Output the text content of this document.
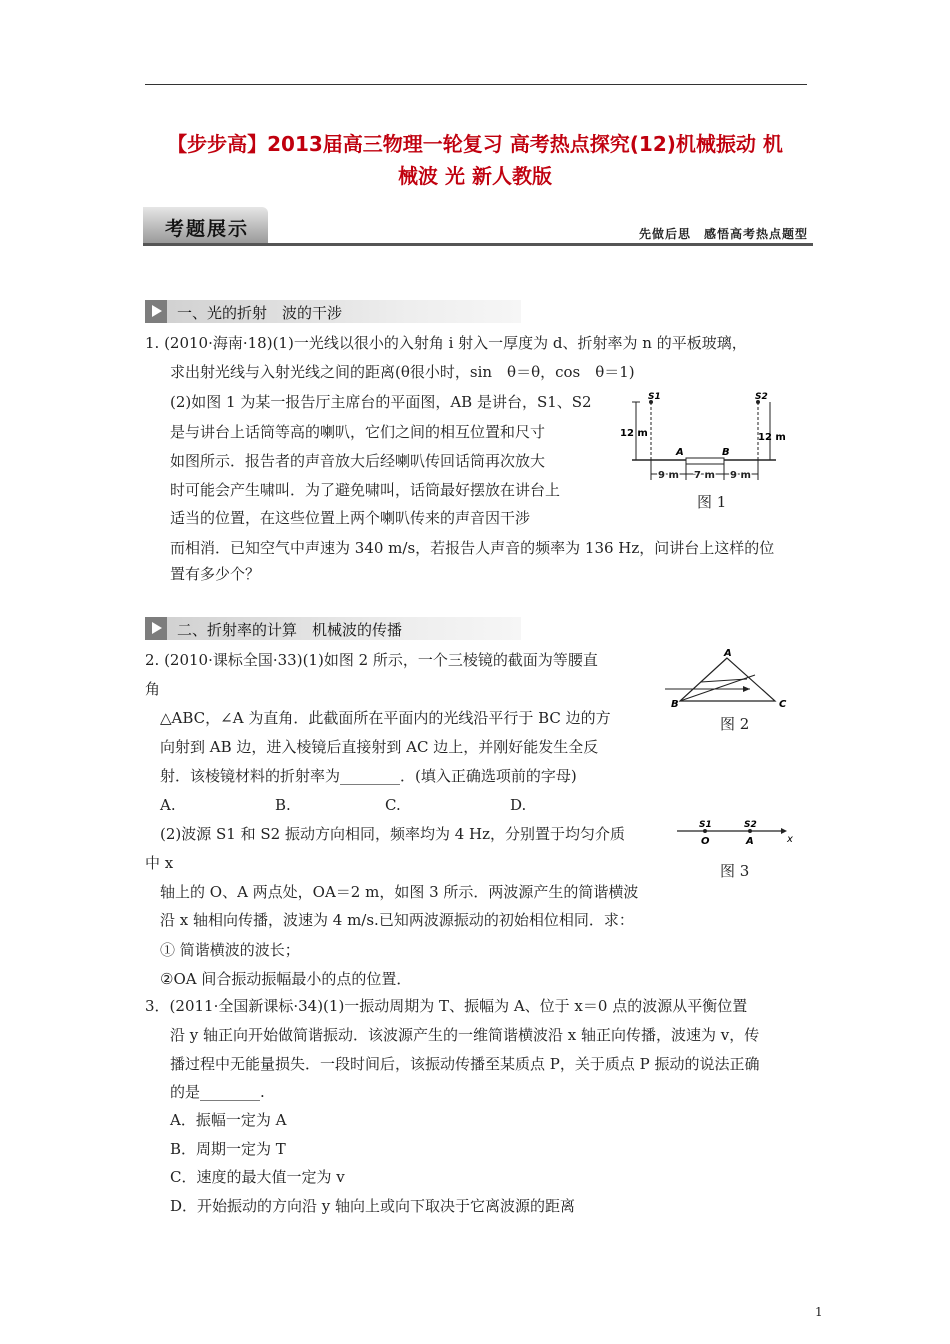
【步步高】2013届高三物理一轮复习 高考热点探究(12)机械振动 机
械波 光 新人教版
考题展示	先做后思　感悟高考热点题型
一、光的折射　波的干涉
1. (2010·海南·18)(1)一光线以很小的入射角 i 射入一厚度为 d、折射率为 n 的平板玻璃，
求出射光线与入射光线之间的距离(θ很小时，sin　θ＝θ，cos　θ＝1)
(2)如图 1 为某一报告厅主席台的平面图，AB 是讲台，S1、S2
是与讲台上话筒等高的喇叭，它们之间的相互位置和尺寸
如图所示．报告者的声音放大后经喇叭传回话筒再次放大
时可能会产生啸叫．为了避免啸叫，话筒最好摆放在讲台上
适当的位置，在这些位置上两个喇叭传来的声音因干涉
而相消．已知空气中声速为 340 m/s，若报告人声音的频率为 136 Hz，问讲台上这样的位
置有多少个？
S1	S2
12 m	12 m
A	B
9 m 7 m 9 m
图 1
二、折射率的计算　机械波的传播
2. (2010·课标全国·33)(1)如图 2 所示，一个三棱镜的截面为等腰直
角
△ABC，∠A 为直角．此截面所在平面内的光线沿平行于 BC 边的方
向射到 AB 边，进入棱镜后直接射到 AC 边上，并刚好能发生全反
射．该棱镜材料的折射率为________．(填入正确选项前的字母)
A.	B.	C.	D.
(2)波源 S1 和 S2 振动方向相同，频率均为 4 Hz，分别置于均匀介质
中 x
轴上的 O、A 两点处，OA＝2 m，如图 3 所示．两波源产生的简谐横波
沿 x 轴相向传播，波速为 4 m/s.已知两波源振动的初始相位相同．求：
① 简谐横波的波长；
②OA 间合振动振幅最小的点的位置．
A
B	C
图 2
S1	S2
O	A	x
图 3
3．(2011·全国新课标·34)(1)一振动周期为 T、振幅为 A、位于 x＝0 点的波源从平衡位置
沿 y 轴正向开始做简谐振动．该波源产生的一维简谐横波沿 x 轴正向传播，波速为 v，传
播过程中无能量损失．一段时间后，该振动传播至某质点 P，关于质点 P 振动的说法正确
的是________.
A．振幅一定为 A
B．周期一定为 T
C．速度的最大值一定为 v
D．开始振动的方向沿 y 轴向上或向下取决于它离波源的距离
1
